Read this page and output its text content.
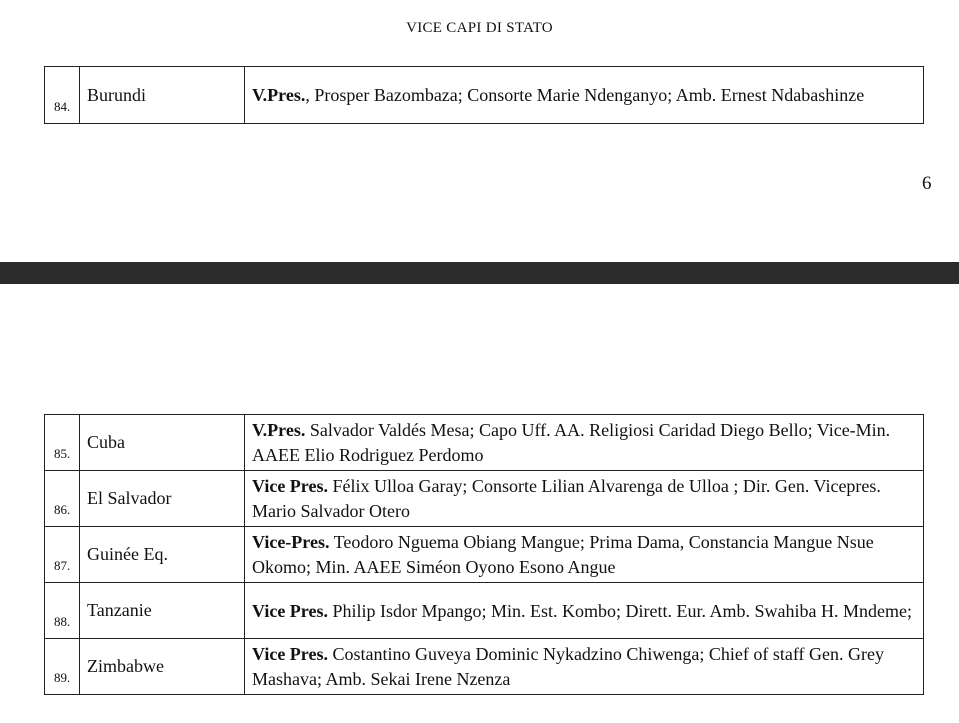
VICE CAPI DI STATO
84.	Burundi	V.Pres., Prosper Bazombaza; Consorte Marie Ndenganyo; Amb. Ernest Ndabashinze
6
85.	Cuba	V.Pres. Salvador Valdés Mesa; Capo Uff. AA. Religiosi Caridad Diego Bello; Vice-Min. AAEE Elio Rodriguez Perdomo
86.	El Salvador	Vice Pres. Félix Ulloa Garay; Consorte Lilian Alvarenga de Ulloa ; Dir. Gen. Vicepres. Mario Salvador Otero
87.	Guinée Eq.	Vice-Pres. Teodoro Nguema Obiang Mangue; Prima Dama, Constancia Mangue Nsue Okomo; Min. AAEE Siméon Oyono Esono Angue
88.	Tanzanie	Vice Pres. Philip Isdor Mpango; Min. Est. Kombo; Dirett. Eur. Amb. Swahiba H. Mndeme;
89.	Zimbabwe	Vice Pres. Costantino Guveya Dominic Nykadzino Chiwenga; Chief of staff Gen. Grey Mashava; Amb. Sekai Irene Nzenza
